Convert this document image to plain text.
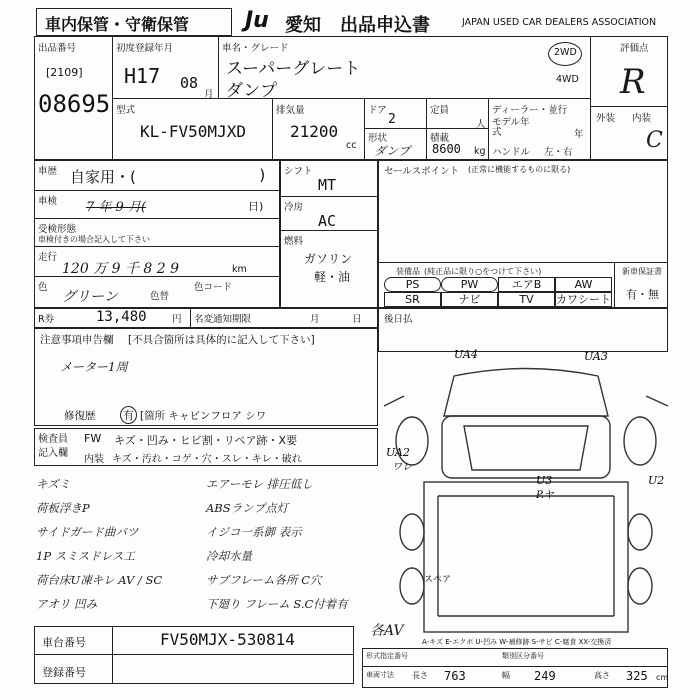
車内保管・守衛保管	Ju 愛知 出品申込書	JAPAN USED CAR DEALERS ASSOCIATION
出品番号
[2109]
08695
初度登録年月
H17 08
月
車名・グレード
スーパーグレート
ダンプ
2WD
4WD
評価点
R
外装 内装
C
型式
KL-FV50MJXD
排気量
21200
cc
ドア
2
形状
ダンプ
定員
人
積載
8600 kg
ディーラー・並行
モデル年式	年
ハンドル 左・右
車歴 自家用・(	)
車検 7 年 9 月(	日)
受検形態
車検付きの場合記入して下さい
走行
120 万 9 千 8 2 9	km
色
グリーン	色替
色コード
シフト
MT
冷房
AC
燃料
ガソリン
軽・油
セールスポイント (正常に機能するものに限る)
装備品 (純正品に限り○をつけて下さい)
PS	PW	エアB	AW
SR	ナビ	TV	カワシート
新車保証書
有・無
R券	13,480	円 名変通知期限	月	日 後日払
注意事項申告欄 [不具合箇所は具体的に記入して下さい]
メーター1周
修復歴	有 [箇所 キャビンフロア シワ
検査員記入欄
FW キズ・凹み・ヒビ割・リペア跡・X要
内装 キズ・汚れ・コゲ・穴・スレ・キレ・破れ
キズミ
荷板浮きP
サイドガード曲バツ
1P スミスドレス工
荷台床U凍キレ AV / SC
アオリ 凹み
エアーモレ 排圧低し
ABSランプ点灯
イジコ一系御 表示
冷却水量
サブフレーム各所 C穴
下廻り フレーム S.C付着有
UA4	UA3
UA2
ワレ
U2
U3
P.ヤ
スペア
各AV
A-キズ E-エクボ U-凹み W-補修跡 S-サビ C-腐食 XX-交換済
車台番号	FV50MJX-530814
登録番号
形式指定番号	類別区分番号
車両寸法 長さ 763	幅 249	高さ 325 cm
